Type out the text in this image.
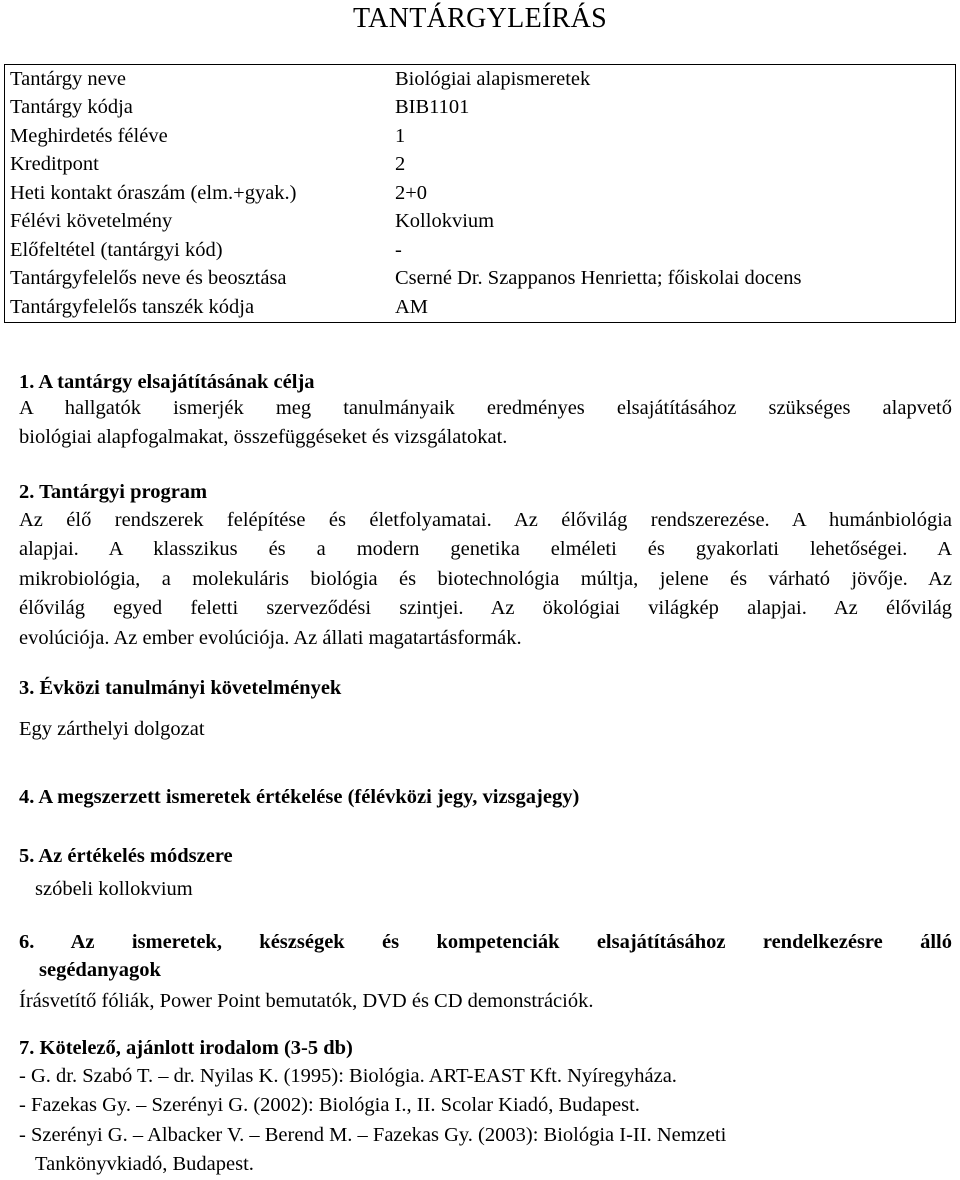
TANTÁRGYLEÍRÁS
Tantárgy neve	Biológiai alapismeretek
Tantárgy kódja	BIB1101
Meghirdetés féléve	1
Kreditpont	2
Heti kontakt óraszám (elm.+gyak.)	2+0
Félévi követelmény	Kollokvium
Előfeltétel (tantárgyi kód)	-
Tantárgyfelelős neve és beosztása	Cserné Dr. Szappanos Henrietta; főiskolai docens
Tantárgyfelelős tanszék kódja	AM
1. A tantárgy elsajátításának célja
A hallgatók ismerjék meg tanulmányaik eredményes elsajátításához szükséges alapvető
biológiai alapfogalmakat, összefüggéseket és vizsgálatokat.
2. Tantárgyi program
Az élő rendszerek felépítése és életfolyamatai. Az élővilág rendszerezése. A humánbiológia
alapjai. A klasszikus és a modern genetika elméleti és gyakorlati lehetőségei. A
mikrobiológia, a molekuláris biológia és biotechnológia múltja, jelene és várható jövője. Az
élővilág egyed feletti szerveződési szintjei. Az ökológiai világkép alapjai. Az élővilág
evolúciója. Az ember evolúciója. Az állati magatartásformák.
3. Évközi tanulmányi követelmények
Egy zárthelyi dolgozat
4. A megszerzett ismeretek értékelése (félévközi jegy, vizsgajegy)
5. Az értékelés módszere
szóbeli kollokvium
6. Az ismeretek, készségek és kompetenciák elsajátításához rendelkezésre álló
segédanyagok
Írásvetítő fóliák, Power Point bemutatók, DVD és CD demonstrációk.
7. Kötelező, ajánlott irodalom (3-5 db)
- G. dr. Szabó T. – dr. Nyilas K. (1995): Biológia. ART-EAST Kft. Nyíregyháza.
- Fazekas Gy. – Szerényi G. (2002): Biológia I., II. Scolar Kiadó, Budapest.
- Szerényi G. – Albacker V. – Berend M. – Fazekas Gy. (2003): Biológia I-II. Nemzeti
Tankönyvkiadó, Budapest.
